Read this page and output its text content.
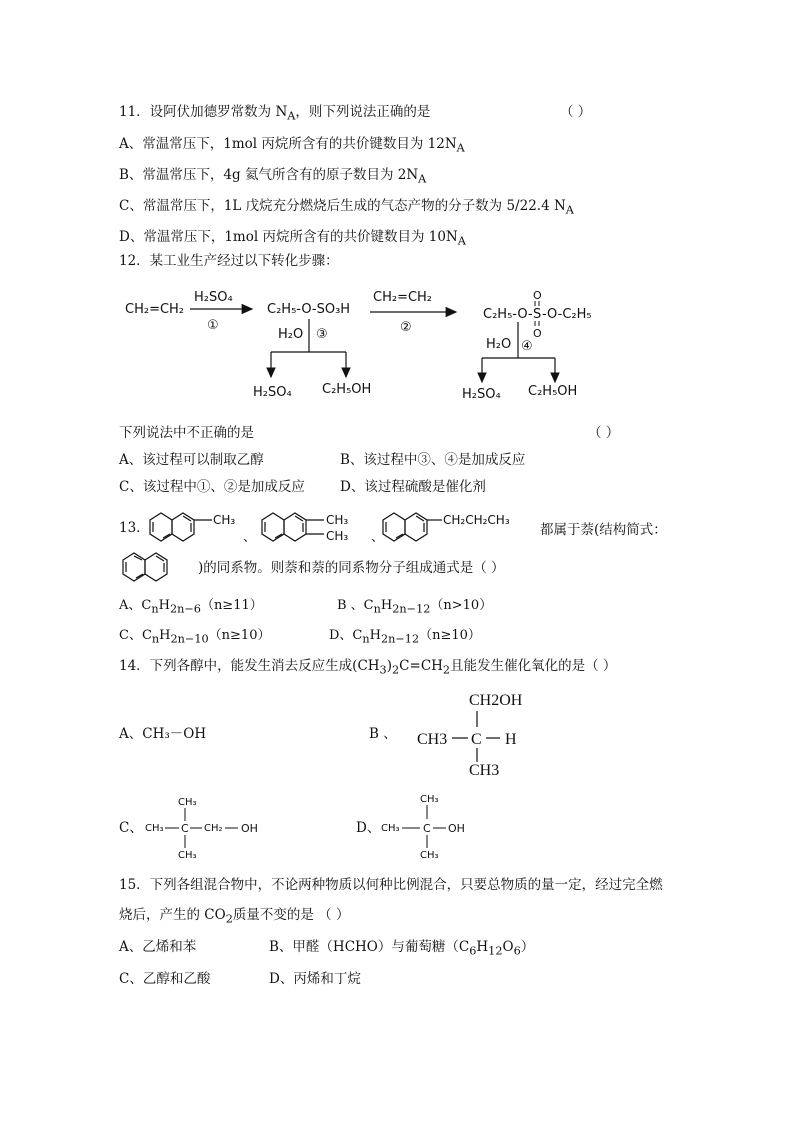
11．设阿伏加德罗常数为 $N_A$，则下列说法正确的是	（ ）
A、常温常压下，1mol 丙烷所含有的共价键数目为 $12N_A$
B、常温常压下，4g 氦气所含有的原子数目为 $2N_A$
C、常温常压下，1L 戊烷充分燃烧后生成的气态产物的分子数为 5/22.4 $N_A$
D、常温常压下，1mol 丙烷所含有的共价键数目为 $10N_A$
12．某工业生产经过以下转化步骤：
CH₂=CH₂
H₂SO₄
①
C₂H₅-O-SO₃H
H₂O ③
H₂SO₄ C₂H₅OH
CH₂=CH₂
②
C₂H₅-O- S -O-C₂H₅
O
O
H₂O ④
H₂SO₄ C₂H₅OH
下列说法中不正确的是	（ ）
A、该过程可以制取乙醇	B、该过程中③、④是加成反应
C、该过程中①、②是加成反应	D、该过程硫酸是催化剂
13．	CH₃
、
CH₃
CH₃ 、
CH₂CH₂CH₃
都属于萘(结构简式：
)的同系物。则萘和萘的同系物分子组成通式是（ ）
A、$C_nH_{2n-6}(n\ge 11)$	B 、$C_nH_{2n-12}(n>10)$
C、$C_nH_{2n-10}(n\ge 10)$	D、$C_nH_{2n-12}(n\ge 10)$
14．下列各醇中，能发生消去反应生成$(CH_3)_2C=CH_2$且能发生催化氧化的是（ ）
A、CH₃－OH	B 、
CH2OH
CH3 C H
CH3
CH₃
CH₃ C CH₂ OH
CH₃
CH₃
CH₃ C OH
CH₃
C、	D、
15．下列各组混合物中，不论两种物质以何种比例混合，只要总物质的量一定，经过完全燃
烧后，产生的 $CO_2$质量不变的是 （ ）
A、乙烯和苯	B、甲醛（HCHO）与葡萄糖$(C_6H_{12}O_6)$
C、乙醇和乙酸	D、丙烯和丁烷
